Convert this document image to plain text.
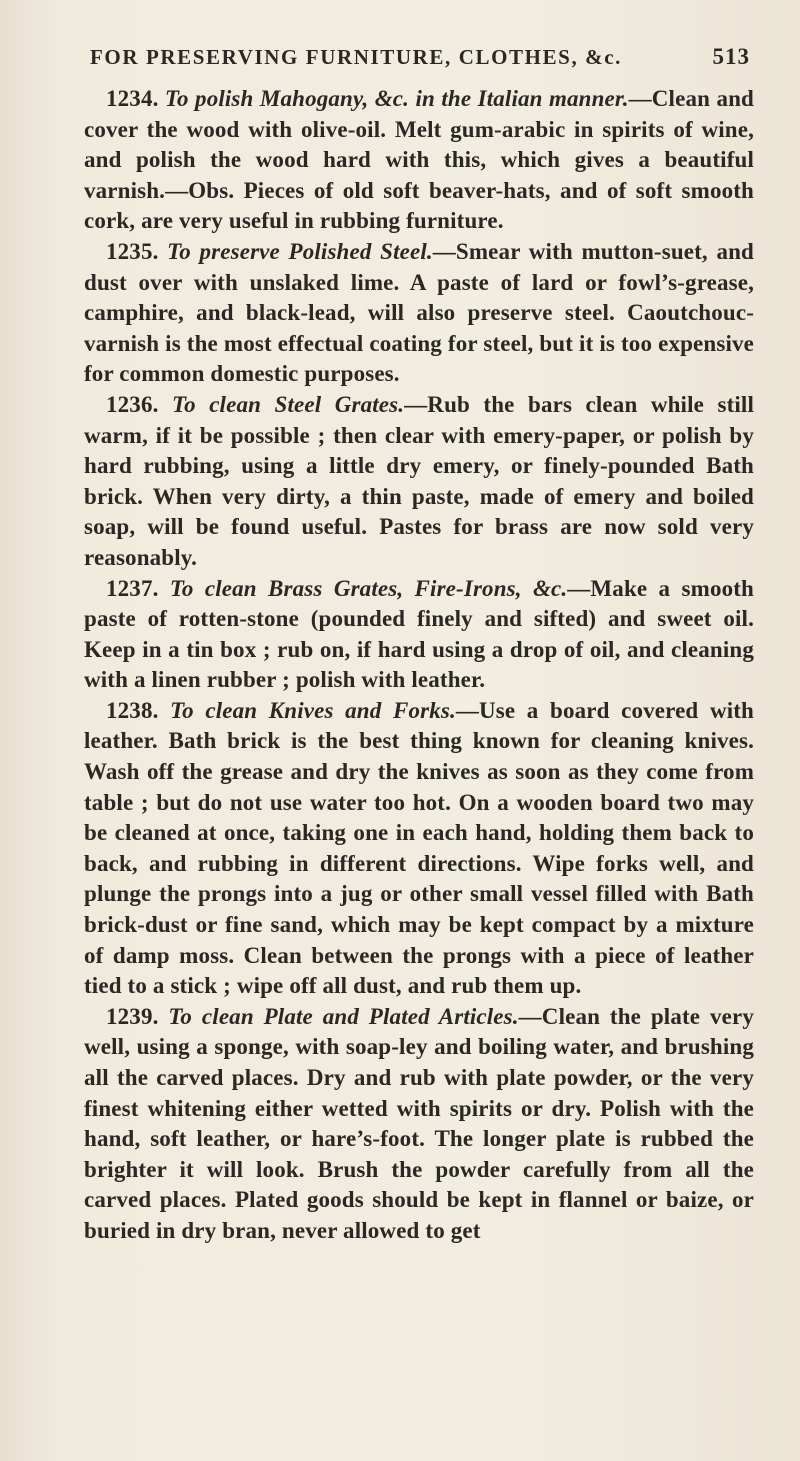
FOR PRESERVING FURNITURE, CLOTHES, &c.	513

1234. To polish Mahogany, &c. in the Italian manner.—Clean and cover the wood with olive-oil. Melt gum-arabic in spirits of wine, and polish the wood hard with this, which gives a beautiful varnish.—Obs. Pieces of old soft beaver-hats, and of soft smooth cork, are very useful in rubbing furniture.

1235. To preserve Polished Steel.—Smear with mutton-suet, and dust over with unslaked lime. A paste of lard or fowl’s-grease, camphire, and black-lead, will also preserve steel. Caoutchouc-varnish is the most effectual coating for steel, but it is too expensive for common domestic purposes.

1236. To clean Steel Grates.—Rub the bars clean while still warm, if it be possible ; then clear with emery-paper, or polish by hard rubbing, using a little dry emery, or finely-pounded Bath brick. When very dirty, a thin paste, made of emery and boiled soap, will be found useful. Pastes for brass are now sold very reasonably.

1237. To clean Brass Grates, Fire-Irons, &c.—Make a smooth paste of rotten-stone (pounded finely and sifted) and sweet oil. Keep in a tin box ; rub on, if hard using a drop of oil, and cleaning with a linen rubber ; polish with leather.

1238. To clean Knives and Forks.—Use a board covered with leather. Bath brick is the best thing known for cleaning knives. Wash off the grease and dry the knives as soon as they come from table ; but do not use water too hot. On a wooden board two may be cleaned at once, taking one in each hand, holding them back to back, and rubbing in different directions. Wipe forks well, and plunge the prongs into a jug or other small vessel filled with Bath brick-dust or fine sand, which may be kept compact by a mixture of damp moss. Clean between the prongs with a piece of leather tied to a stick ; wipe off all dust, and rub them up.

1239. To clean Plate and Plated Articles.—Clean the plate very well, using a sponge, with soap-ley and boiling water, and brushing all the carved places. Dry and rub with plate powder, or the very finest whitening either wetted with spirits or dry. Polish with the hand, soft leather, or hare’s-foot. The longer plate is rubbed the brighter it will look. Brush the powder carefully from all the carved places. Plated goods should be kept in flannel or baize, or buried in dry bran, never allowed to get
